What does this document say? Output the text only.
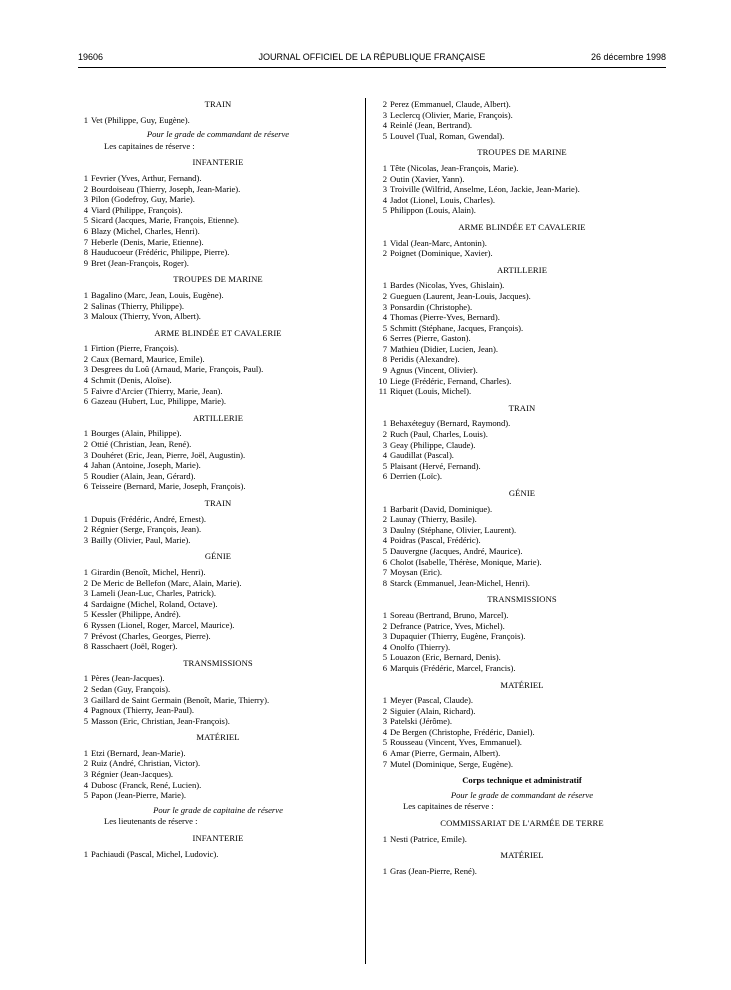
19606	JOURNAL OFFICIEL DE LA RÉPUBLIQUE FRANÇAISE	26 décembre 1998
TRAIN
1 Vet (Philippe, Guy, Eugène).
Pour le grade de commandant de réserve
Les capitaines de réserve :
INFANTERIE
1 Fevrier (Yves, Arthur, Fernand).
2 Bourdoiseau (Thierry, Joseph, Jean-Marie).
3 Pilon (Godefroy, Guy, Marie).
4 Viard (Philippe, François).
5 Sicard (Jacques, Marie, François, Etienne).
6 Blazy (Michel, Charles, Henri).
7 Heberle (Denis, Marie, Etienne).
8 Hauducoeur (Frédéric, Philippe, Pierre).
9 Bret (Jean-François, Roger).
TROUPES DE MARINE
1 Bagalino (Marc, Jean, Louis, Eugène).
2 Salinas (Thierry, Philippe).
3 Maloux (Thierry, Yvon, Albert).
ARME BLINDÉE ET CAVALERIE
1 Firtion (Pierre, François).
2 Caux (Bernard, Maurice, Emile).
3 Desgrees du Loû (Arnaud, Marie, François, Paul).
4 Schmit (Denis, Aloïse).
5 Faivre d'Arcier (Thierry, Marie, Jean).
6 Gazeau (Hubert, Luc, Philippe, Marie).
ARTILLERIE
1 Bourges (Alain, Philippe).
2 Ottié (Christian, Jean, René).
3 Douhéret (Eric, Jean, Pierre, Joël, Augustin).
4 Jahan (Antoine, Joseph, Marie).
5 Roudier (Alain, Jean, Gérard).
6 Teisseire (Bernard, Marie, Joseph, François).
TRAIN
1 Dupuis (Frédéric, André, Ernest).
2 Régnier (Serge, François, Jean).
3 Bailly (Olivier, Paul, Marie).
GÉNIE
1 Girardin (Benoît, Michel, Henri).
2 De Meric de Bellefon (Marc, Alain, Marie).
3 Lameli (Jean-Luc, Charles, Patrick).
4 Sardaigne (Michel, Roland, Octave).
5 Kessler (Philippe, André).
6 Ryssen (Lionel, Roger, Marcel, Maurice).
7 Prévost (Charles, Georges, Pierre).
8 Rasschaert (Joël, Roger).
TRANSMISSIONS
1 Pères (Jean-Jacques).
2 Sedan (Guy, François).
3 Gaillard de Saint Germain (Benoît, Marie, Thierry).
4 Pagnoux (Thierry, Jean-Paul).
5 Masson (Eric, Christian, Jean-François).
MATÉRIEL
1 Etzi (Bernard, Jean-Marie).
2 Ruiz (André, Christian, Victor).
3 Régnier (Jean-Jacques).
4 Dubosc (Franck, René, Lucien).
5 Papon (Jean-Pierre, Marie).
Pour le grade de capitaine de réserve
Les lieutenants de réserve :
INFANTERIE
1 Pachiaudi (Pascal, Michel, Ludovic).
2 Perez (Emmanuel, Claude, Albert).
3 Leclercq (Olivier, Marie, François).
4 Reinlé (Jean, Bertrand).
5 Louvel (Tual, Roman, Gwendal).
TROUPES DE MARINE
1 Tête (Nicolas, Jean-François, Marie).
2 Outin (Xavier, Yann).
3 Troiville (Wilfrid, Anselme, Léon, Jackie, Jean-Marie).
4 Jadot (Lionel, Louis, Charles).
5 Philippon (Louis, Alain).
ARME BLINDÉE ET CAVALERIE
1 Vidal (Jean-Marc, Antonin).
2 Poignet (Dominique, Xavier).
ARTILLERIE
1 Bardes (Nicolas, Yves, Ghislain).
2 Gueguen (Laurent, Jean-Louis, Jacques).
3 Ponsardin (Christophe).
4 Thomas (Pierre-Yves, Bernard).
5 Schmitt (Stéphane, Jacques, François).
6 Serres (Pierre, Gaston).
7 Mathieu (Didier, Lucien, Jean).
8 Peridis (Alexandre).
9 Agnus (Vincent, Olivier).
10 Liege (Frédéric, Fernand, Charles).
11 Riquet (Louis, Michel).
TRAIN
1 Behaxéteguy (Bernard, Raymond).
2 Ruch (Paul, Charles, Louis).
3 Geay (Philippe, Claude).
4 Gaudillat (Pascal).
5 Plaisant (Hervé, Fernand).
6 Derrien (Loïc).
GÉNIE
1 Barbarit (David, Dominique).
2 Launay (Thierry, Basile).
3 Daulny (Stéphane, Olivier, Laurent).
4 Poidras (Pascal, Frédéric).
5 Dauvergne (Jacques, André, Maurice).
6 Cholot (Isabelle, Thérèse, Monique, Marie).
7 Moysan (Eric).
8 Starck (Emmanuel, Jean-Michel, Henri).
TRANSMISSIONS
1 Soreau (Bertrand, Bruno, Marcel).
2 Defrance (Patrice, Yves, Michel).
3 Dupaquier (Thierry, Eugène, François).
4 Onolfo (Thierry).
5 Louazon (Eric, Bernard, Denis).
6 Marquis (Frédéric, Marcel, Francis).
MATÉRIEL
1 Meyer (Pascal, Claude).
2 Siguier (Alain, Richard).
3 Patelski (Jérôme).
4 De Bergen (Christophe, Frédéric, Daniel).
5 Rousseau (Vincent, Yves, Emmanuel).
6 Amar (Pierre, Germain, Albert).
7 Mutel (Dominique, Serge, Eugène).
Corps technique et administratif
Pour le grade de commandant de réserve
Les capitaines de réserve :
COMMISSARIAT DE L'ARMÉE DE TERRE
1 Nesti (Patrice, Emile).
MATÉRIEL
1 Gras (Jean-Pierre, René).
